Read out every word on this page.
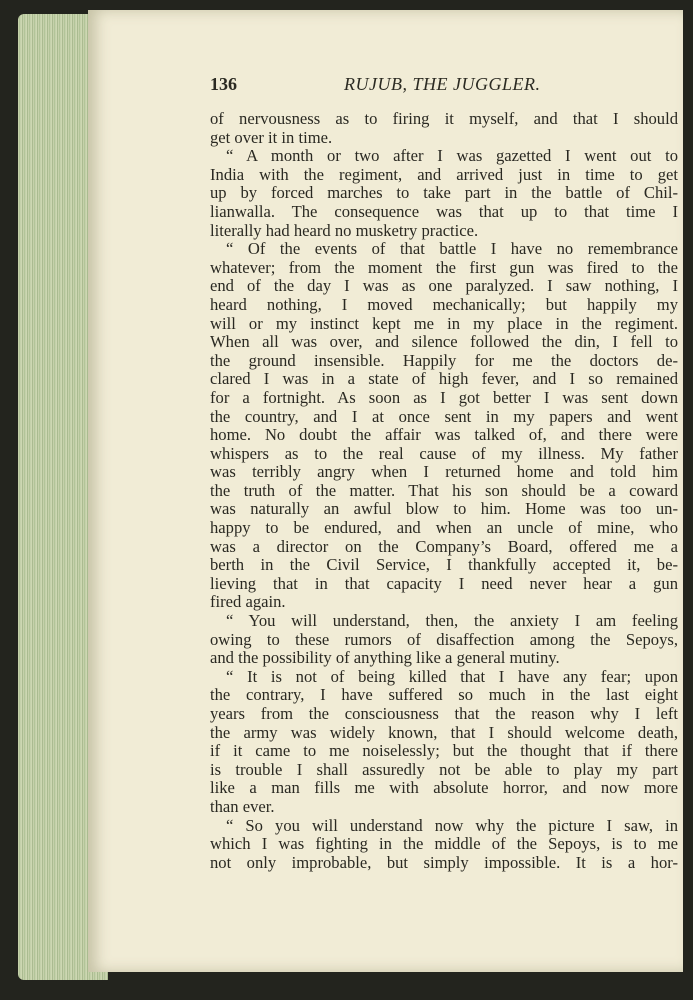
136	RUJUB, THE JUGGLER.
of nervousness as to firing it myself, and that I should
get over it in time.
“ A month or two after I was gazetted I went out to
India with the regiment, and arrived just in time to get
up by forced marches to take part in the battle of Chil-
lianwalla. The consequence was that up to that time I
literally had heard no musketry practice.
“ Of the events of that battle I have no remembrance
whatever; from the moment the first gun was fired to the
end of the day I was as one paralyzed. I saw nothing, I
heard nothing, I moved mechanically; but happily my
will or my instinct kept me in my place in the regiment.
When all was over, and silence followed the din, I fell to
the ground insensible. Happily for me the doctors de-
clared I was in a state of high fever, and I so remained
for a fortnight. As soon as I got better I was sent down
the country, and I at once sent in my papers and went
home. No doubt the affair was talked of, and there were
whispers as to the real cause of my illness. My father
was terribly angry when I returned home and told him
the truth of the matter. That his son should be a coward
was naturally an awful blow to him. Home was too un-
happy to be endured, and when an uncle of mine, who
was a director on the Company’s Board, offered me a
berth in the Civil Service, I thankfully accepted it, be-
lieving that in that capacity I need never hear a gun
fired again.
“ You will understand, then, the anxiety I am feeling
owing to these rumors of disaffection among the Sepoys,
and the possibility of anything like a general mutiny.
“ It is not of being killed that I have any fear; upon
the contrary, I have suffered so much in the last eight
years from the consciousness that the reason why I left
the army was widely known, that I should welcome death,
if it came to me noiselessly; but the thought that if there
is trouble I shall assuredly not be able to play my part
like a man fills me with absolute horror, and now more
than ever.
“ So you will understand now why the picture I saw, in
which I was fighting in the middle of the Sepoys, is to me
not only improbable, but simply impossible. It is a hor-
